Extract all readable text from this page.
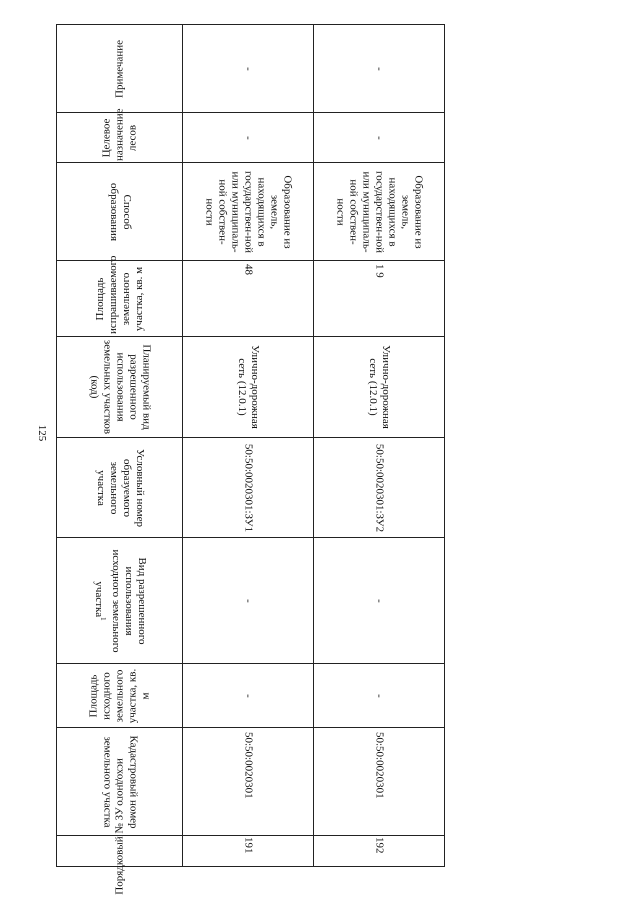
125
Примечание	-	-

Целевое назначение лесов	-	-

Способ образования	Образование из земель, находящихся в государствен-ной или муниципаль-ной собствен-ности	Образование из земель, находящихся в государствен-ной или муниципаль-ной собствен-ности

Площадь испрашиваемого земельного участка, кв. м	48	1 9

Планируемый вид разрешенного использования земельных участков (код)	Улично-дорожная сеть (12.0.1)	Улично-дорожная сеть (12.0.1)

Условный номер образуемого земельного участка	50:50:0020301:ЗУ1	50:50:0020301:ЗУ2

Вид разрешенного использования исходного земельного участка$^1$	-	-

Площадь исходного земельного участка, кв. м	-	-

Кадастровый номер исходного земельного участка	50:50:0020301	50:50:0020301

Порядковый № ЗУ	191	192
